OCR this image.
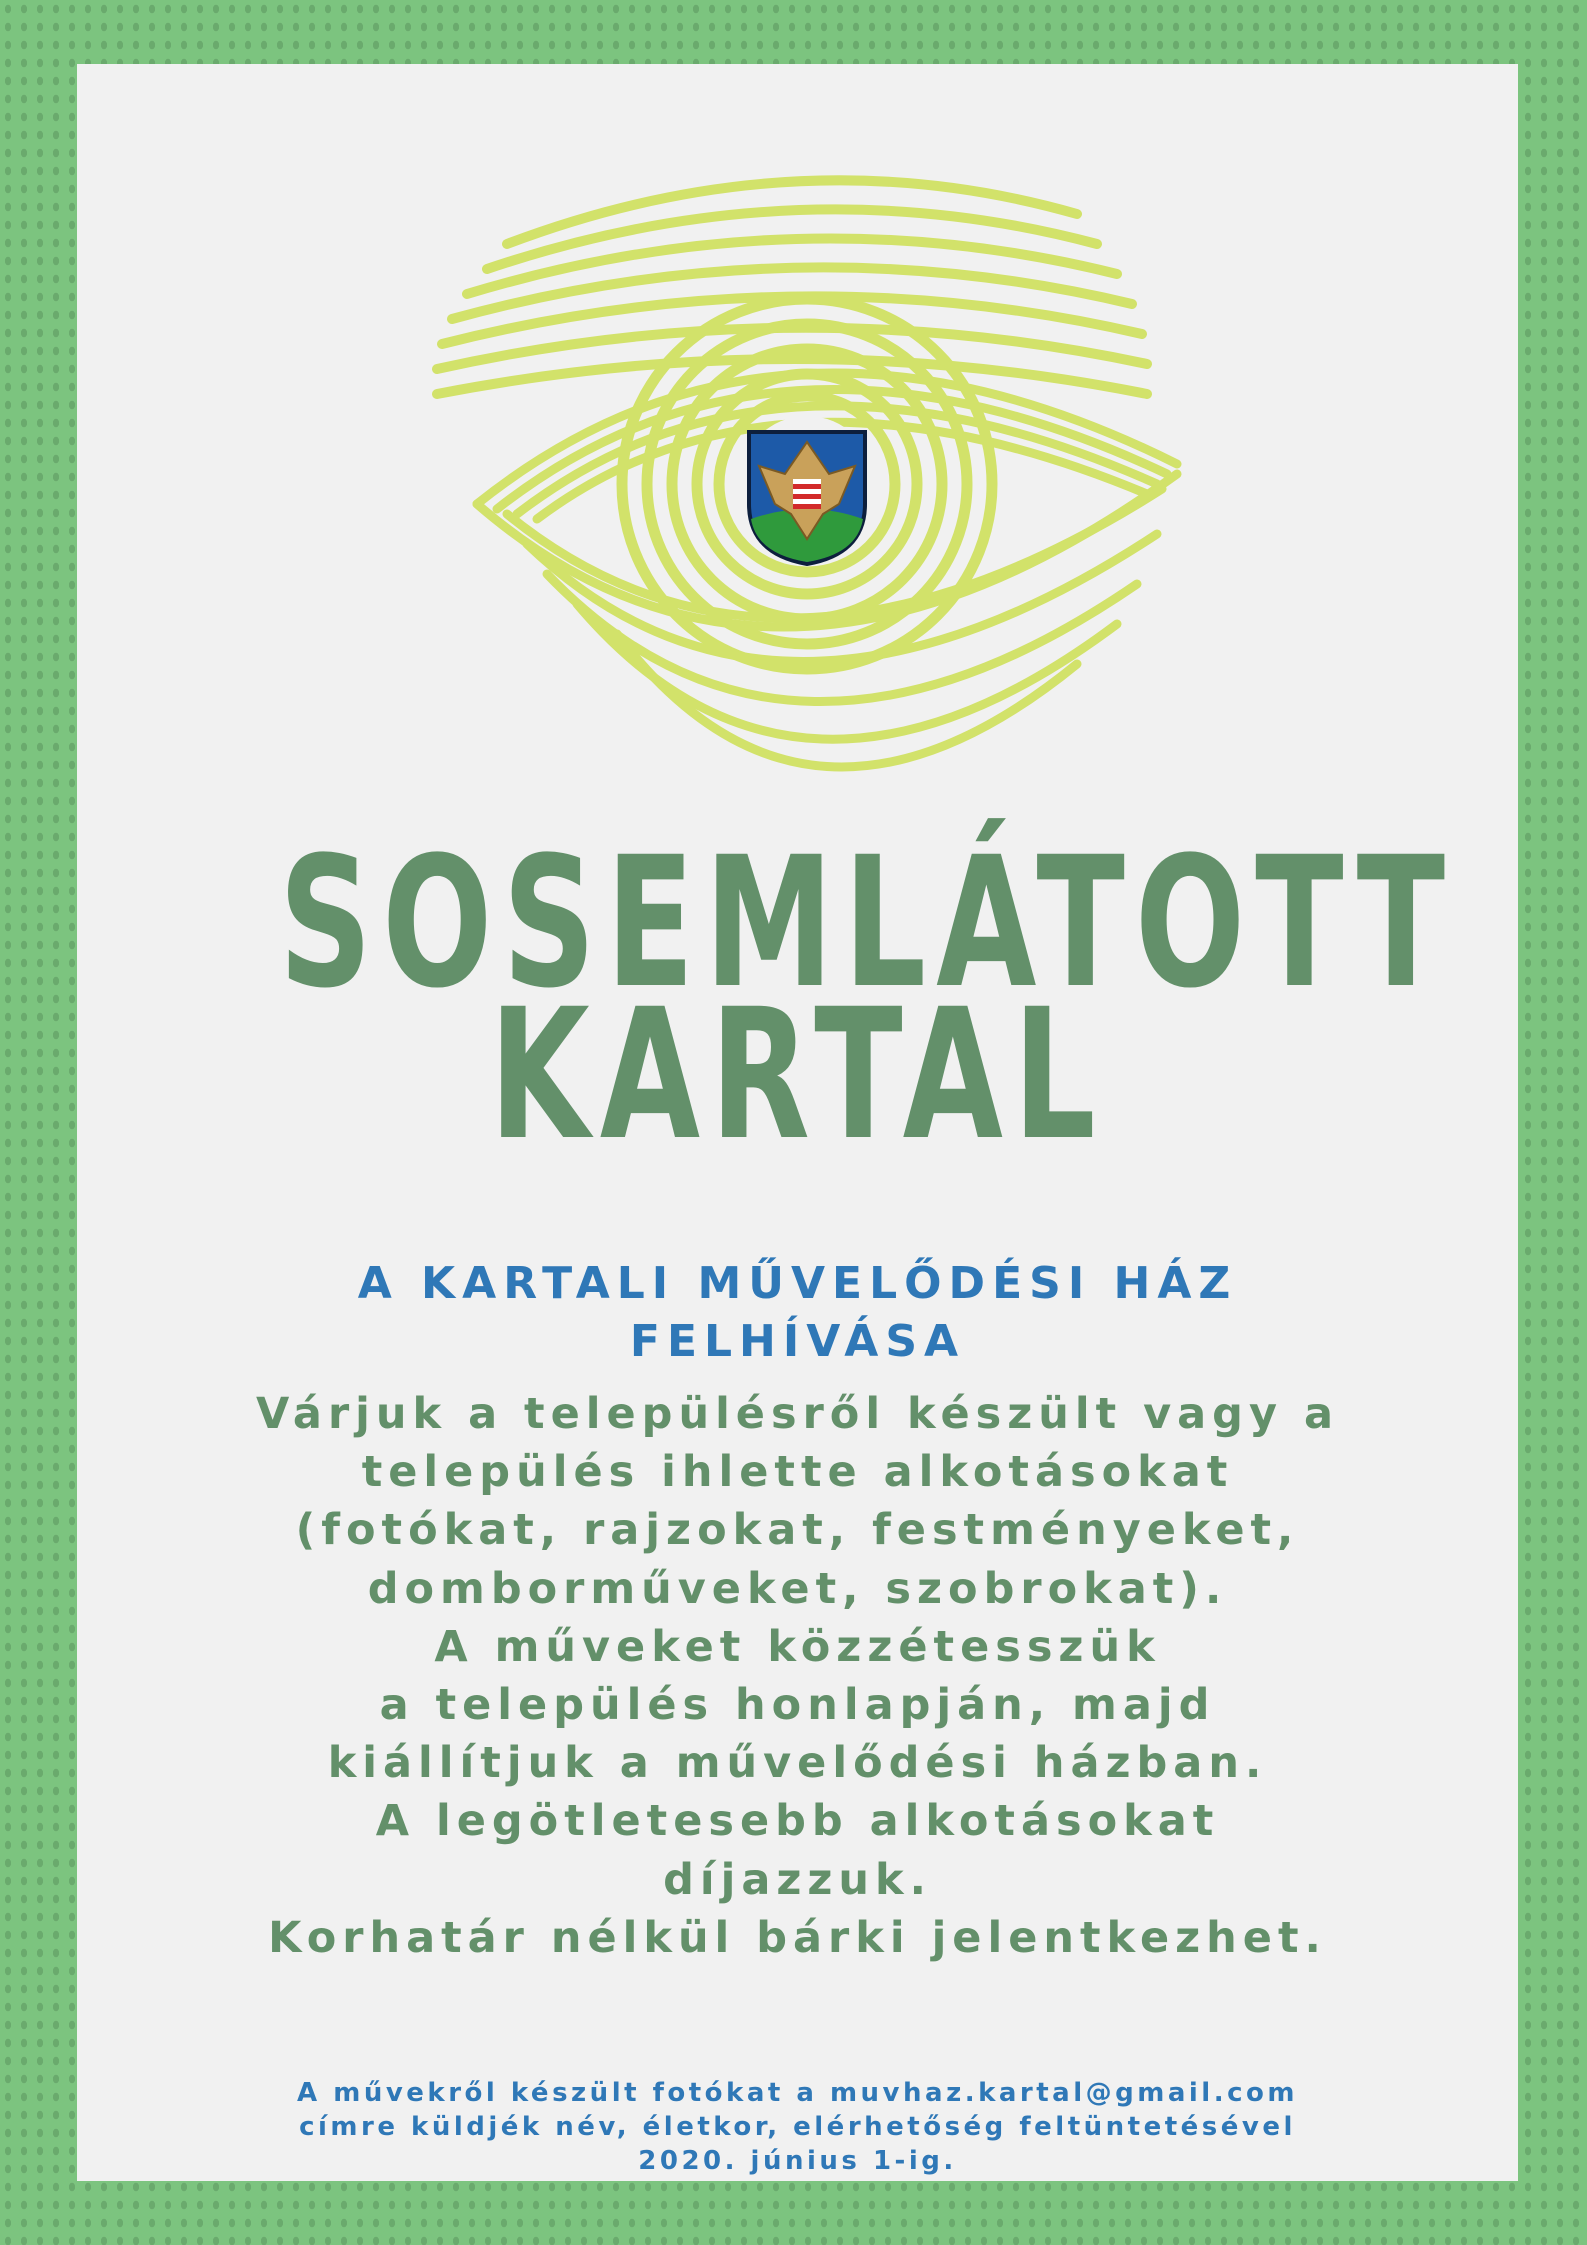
SOSEMLÁTOTT
KARTAL
A KARTALI MŰVELŐDÉSI HÁZ
FELHÍVÁSA
Várjuk a településről készült vagy a
település ihlette alkotásokat
(fotókat, rajzokat, festményeket,
domborműveket, szobrokat).
A műveket közzétesszük
a település honlapján, majd
kiállítjuk a művelődési házban.
A legötletesebb alkotásokat
díjazzuk.
Korhatár nélkül bárki jelentkezhet.
A művekről készült fotókat a muvhaz.kartal@gmail.com
címre küldjék név, életkor, elérhetőség feltüntetésével
2020. június 1-ig.
